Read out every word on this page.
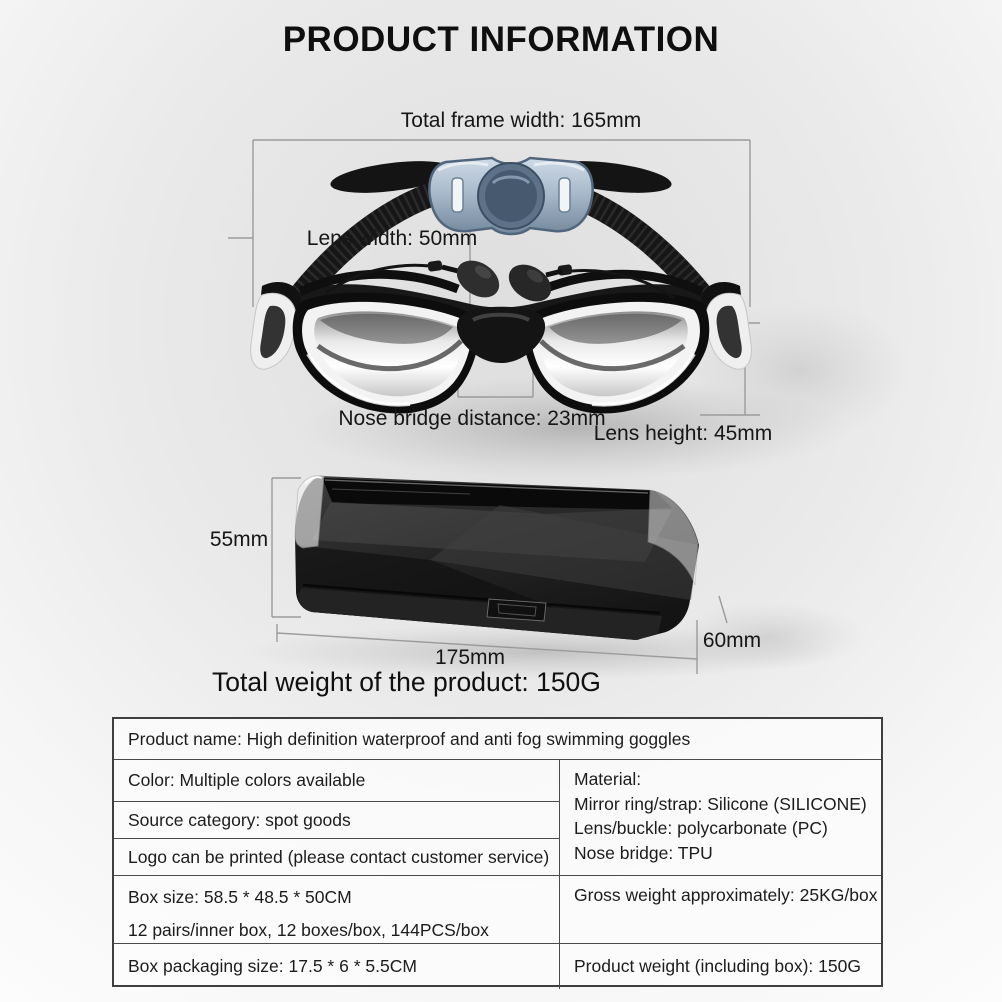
PRODUCT INFORMATION
Total frame width: 165mm
Lens width: 50mm
Nose bridge distance: 23mm
Lens height: 45mm
55mm
175mm
60mm
Total weight of the product: 150G
Product name: High definition waterproof and anti fog swimming goggles
Color: Multiple colors available
Source category: spot goods
Logo can be printed (please contact customer service)
Material:
Mirror ring/strap: Silicone (SILICONE)
Lens/buckle: polycarbonate (PC)
Nose bridge: TPU
Box size: 58.5 * 48.5 * 50CM
12 pairs/inner box, 12 boxes/box, 144PCS/box
Gross weight approximately: 25KG/box
Box packaging size: 17.5 * 6 * 5.5CM	Product weight (including box): 150G
